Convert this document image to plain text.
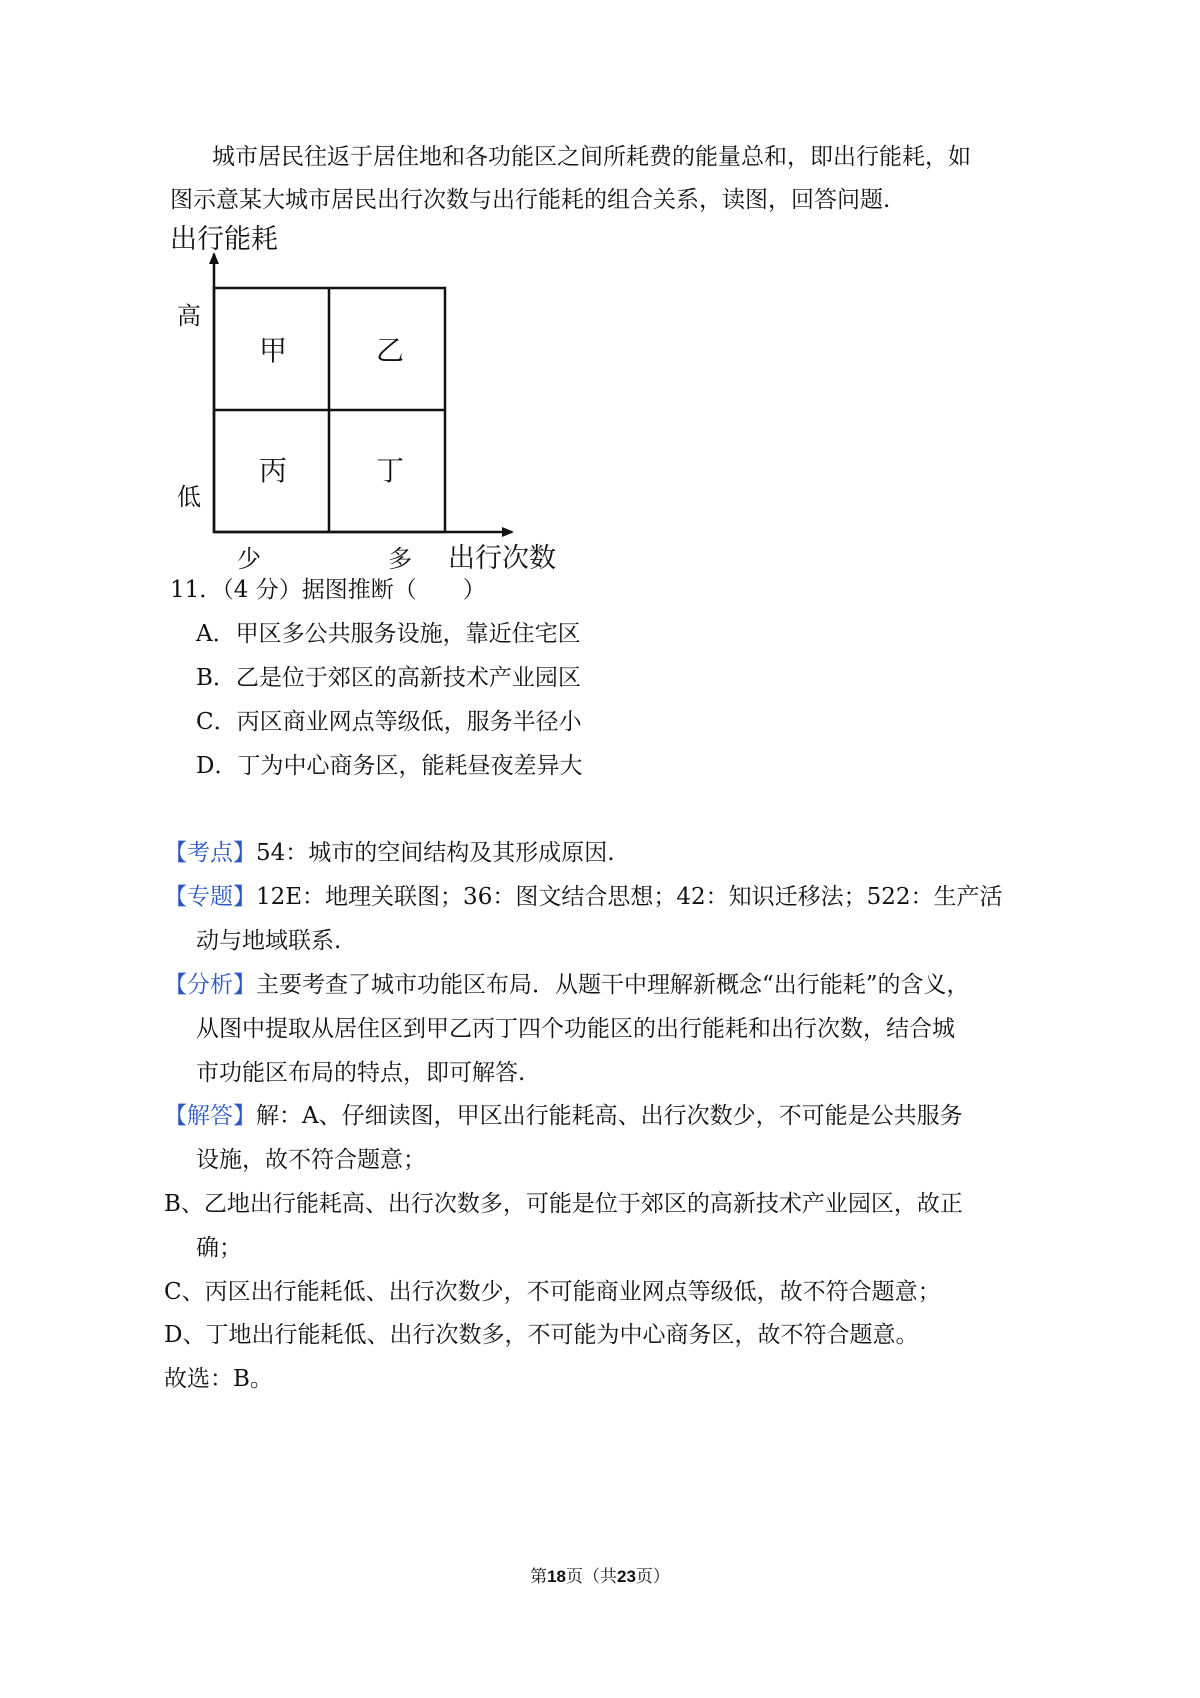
城市居民往返于居住地和各功能区之间所耗费的能量总和，即出行能耗，如
图示意某大城市居民出行次数与出行能耗的组合关系，读图，回答问题.
出行能耗
高
低
少	多 出行次数
甲	乙
丙	丁
11．（4 分）据图推断（　　）
A．甲区多公共服务设施，靠近住宅区
B．乙是位于郊区的高新技术产业园区
C．丙区商业网点等级低，服务半径小
D．丁为中心商务区，能耗昼夜差异大
【考点】54：城市的空间结构及其形成原因.
【专题】12E：地理关联图；36：图文结合思想；42：知识迁移法；522：生产活
动与地域联系.
【分析】主要考查了城市功能区布局．从题干中理解新概念“出行能耗”的含义，
从图中提取从居住区到甲乙丙丁四个功能区的出行能耗和出行次数，结合城
市功能区布局的特点，即可解答.
【解答】解：A、仔细读图，甲区出行能耗高、出行次数少，不可能是公共服务
设施，故不符合题意；
B、乙地出行能耗高、出行次数多，可能是位于郊区的高新技术产业园区，故正
确；
C、丙区出行能耗低、出行次数少，不可能商业网点等级低，故不符合题意；
D、丁地出行能耗低、出行次数多，不可能为中心商务区，故不符合题意。
故选：B。
第18页（共23页）
